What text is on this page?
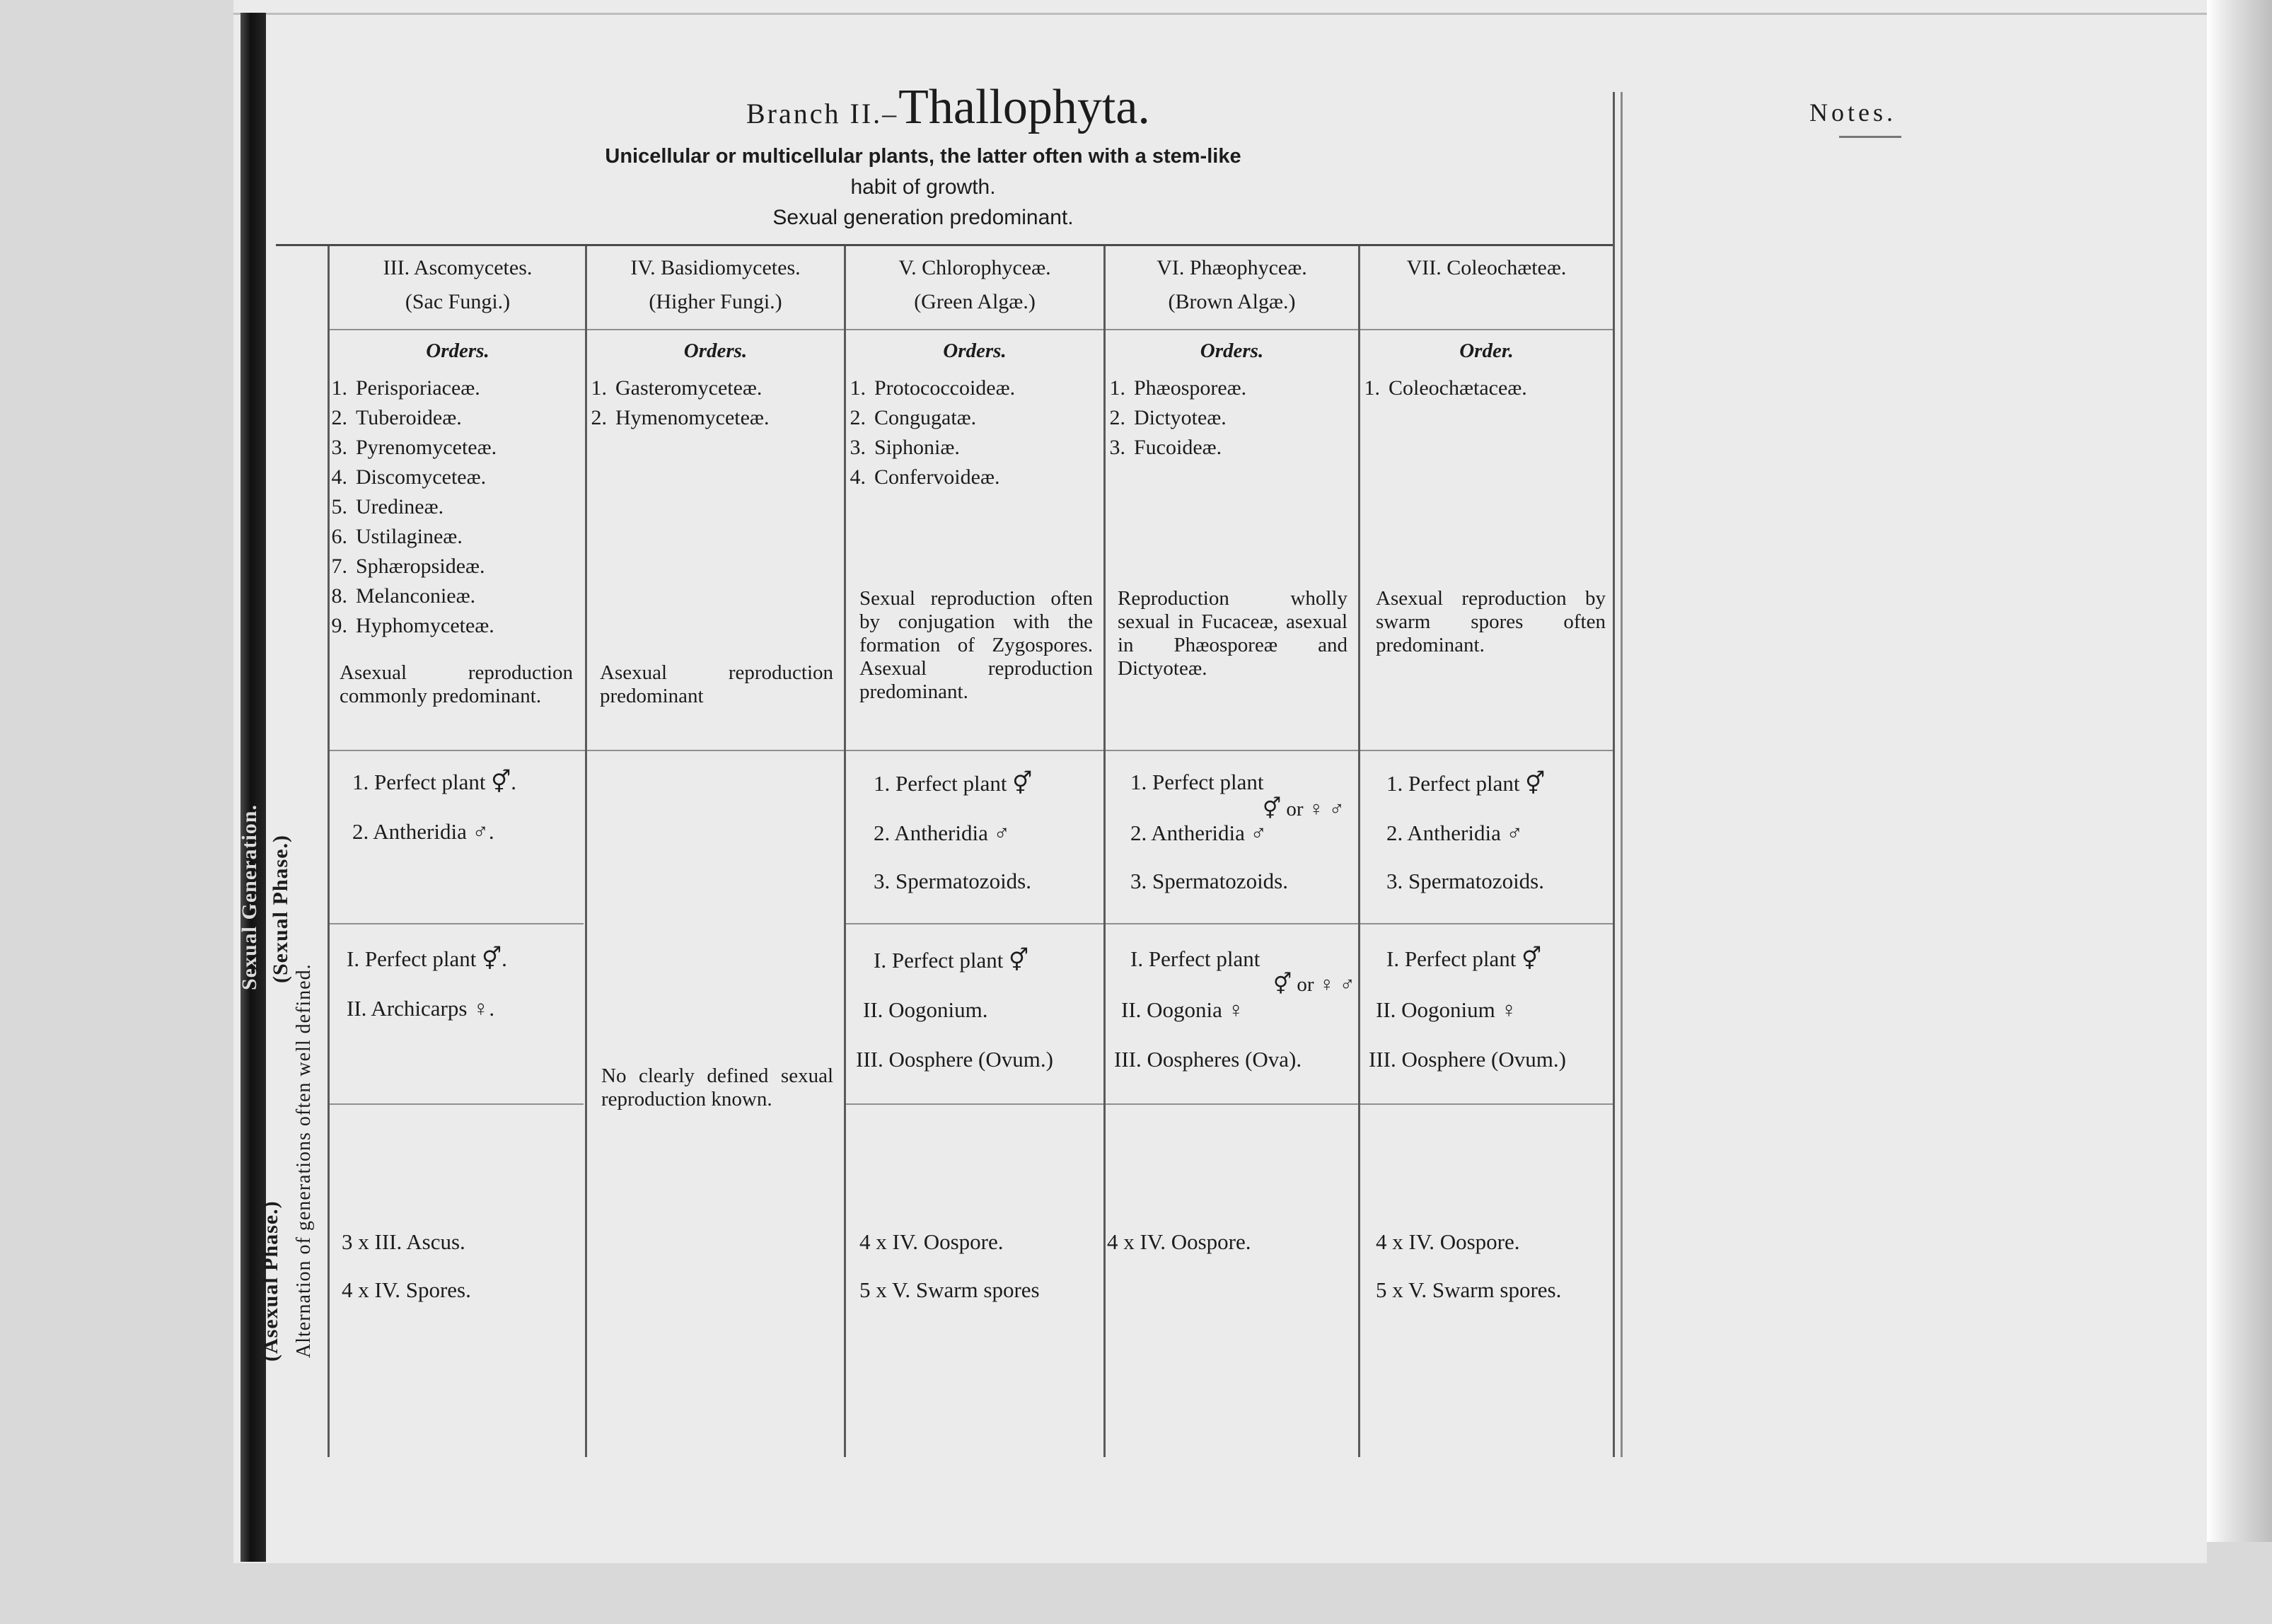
Branch II.–Thallophyta.
Unicellular or multicellular plants, the latter often with a stem-like
habit of growth.
Sexual generation predominant.
Notes.
Alternation of generations often well defined.
(Asexual Phase.)
(Sexual Phase.)
Sexual Generation.
III. Ascomycetes.
(Sac Fungi.)
Orders.
1. Perisporiaceæ.
2. Tuberoideæ.
3. Pyrenomyceteæ.
4. Discomyceteæ.
5. Uredineæ.
6. Ustilagineæ.
7. Sphæropsideæ.
8. Melanconieæ.
9. Hyphomyceteæ.
Asexual reproduction commonly predominant.
1. Perfect plant ⚥.
2. Antheridia ♂.
I. Perfect plant ⚥.
II. Archicarps ♀.
3 x III. Ascus.
4 x IV. Spores.
IV. Basidiomycetes.
(Higher Fungi.)
Orders.
1. Gasteromyceteæ.
2. Hymenomyceteæ.
Asexual reproduction predominant
No clearly defined sexual reproduction known.
V. Chlorophyceæ.
(Green Algæ.)
Orders.
1. Protococcoideæ.
2. Congugatæ.
3. Siphoniæ.
4. Confervoideæ.
Sexual reproduction often by conjugation with the formation of Zygospores. Asexual reproduction predominant.
1. Perfect plant ⚥
2. Antheridia ♂
3. Spermatozoids.
I. Perfect plant ⚥
II. Oogonium.
III. Oosphere (Ovum.)
4 x IV. Oospore.
5 x V. Swarm spores
VI. Phæophyceæ.
(Brown Algæ.)
Orders.
1. Phæosporeæ.
2. Dictyoteæ.
3. Fucoideæ.
Reproduction wholly sexual in Fucaceæ, asexual in Phæosporeæ and Dictyoteæ.
1. Perfect plant
⚥ or ♀ ♂
2. Antheridia ♂
3. Spermatozoids.
I. Perfect plant
⚥ or ♀ ♂
II. Oogonia ♀
III. Oospheres (Ova).
4 x IV. Oospore.
VII. Coleochæteæ.
Order.
1. Coleochætaceæ.
Asexual reproduction by swarm spores often predominant.
1. Perfect plant ⚥
2. Antheridia ♂
3. Spermatozoids.
I. Perfect plant ⚥
II. Oogonium ♀
III. Oosphere (Ovum.)
4 x IV. Oospore.
5 x V. Swarm spores.
